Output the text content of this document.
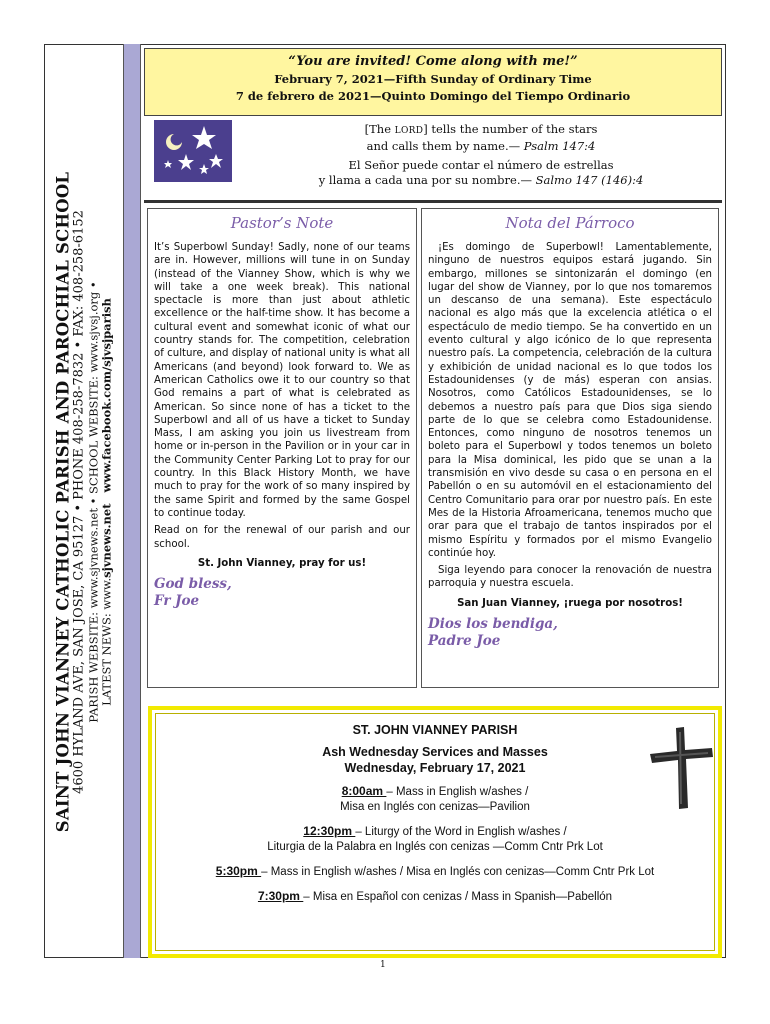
SAINT JOHN VIANNEY CATHOLIC PARISH AND PAROCHIAL SCHOOL 4600 HYLAND AVE, SAN JOSE, CA 95127 • PHONE 408-258-7832 • FAX: 408-258-6152 PARISH WEBSITE: www.sjvnews.net • SCHOOL WEBSITE: www.sjvsj.org •
LATEST NEWS: www.sjvnews.net   www.facebook.com/sjvsjparish
“You are invited! Come along with me!”
February 7, 2021—Fifth Sunday of Ordinary Time
7 de febrero de 2021—Quinto Domingo del Tiempo Ordinario
[The LORD] tells the number of the stars
and calls them by name.— Psalm 147:4
El Señor puede contar el número de estrellas
y llama a cada una por su nombre.— Salmo 147 (146):4
Pastor’s Note

It’s Superbowl Sunday! Sadly, none of our teams are in. However, millions will tune in on Sunday (instead of the Vianney Show, which is why we will take a one week break). This national spectacle is more than just about athletic excellence or the half-time show. It has become a cultural event and somewhat iconic of what our country stands for. The competition, celebration of culture, and display of national unity is what all Americans (and beyond) look forward to. We as American Catholics owe it to our country so that God remains a part of what is celebrated as American. So since none of has a ticket to the Superbowl and all of us have a ticket to Sunday Mass, I am asking you join us livestream from home or in-person in the Pavilion or in your car in the Community Center Parking Lot to pray for our country. In this Black History Month, we have much to pray for the work of so many inspired by the same Spirit and formed by the same Gospel to continue today.

Read on for the renewal of our parish and our school.

St. John Vianney, pray for us!
God bless,
Fr Joe
Nota del Párroco

¡Es domingo de Superbowl! Lamentablemente, ninguno de nuestros equipos estará jugando. Sin embargo, millones se sintonizarán el domingo (en lugar del show de Vianney, por lo que nos tomaremos un descanso de una semana). Este espectáculo nacional es algo más que la excelencia atlética o el espectáculo de medio tiempo. Se ha convertido en un evento cultural y algo icónico de lo que representa nuestro país. La competencia, celebración de la cultura y exhibición de unidad nacional es lo que todos los Estadounidenses (y de más) esperan con ansias. Nosotros, como Católicos Estadounidenses, se lo debemos a nuestro país para que Dios siga siendo parte de lo que se celebra como Estadounidense. Entonces, como ninguno de nosotros tenemos un boleto para el Superbowl y todos tenemos un boleto para la Misa dominical, les pido que se unan a la transmisión en vivo desde su casa o en persona en el Pabellón o en su automóvil en el estacionamiento del Centro Comunitario para orar por nuestro país. En este Mes de la Historia Afroamericana, tenemos mucho que orar para que el trabajo de tantos inspirados por el mismo Espíritu y formados por el mismo Evangelio continúe hoy.

Siga leyendo para conocer la renovación de nuestra parroquia y nuestra escuela.

San Juan Vianney, ¡ruega por nosotros!
Dios los bendiga,
Padre Joe
ST. JOHN VIANNEY PARISH
Ash Wednesday Services and Masses
Wednesday, February 17, 2021
8:00am – Mass in English w/ashes /
Misa en Inglés con cenizas—Pavilion
12:30pm – Liturgy of the Word in English w/ashes /
Liturgia de la Palabra en Inglés con cenizas —Comm Cntr Prk Lot
5:30pm – Mass in English w/ashes / Misa en Inglés con cenizas—Comm Cntr Prk Lot
7:30pm – Misa en Español con cenizas / Mass in Spanish—Pabellón
1
